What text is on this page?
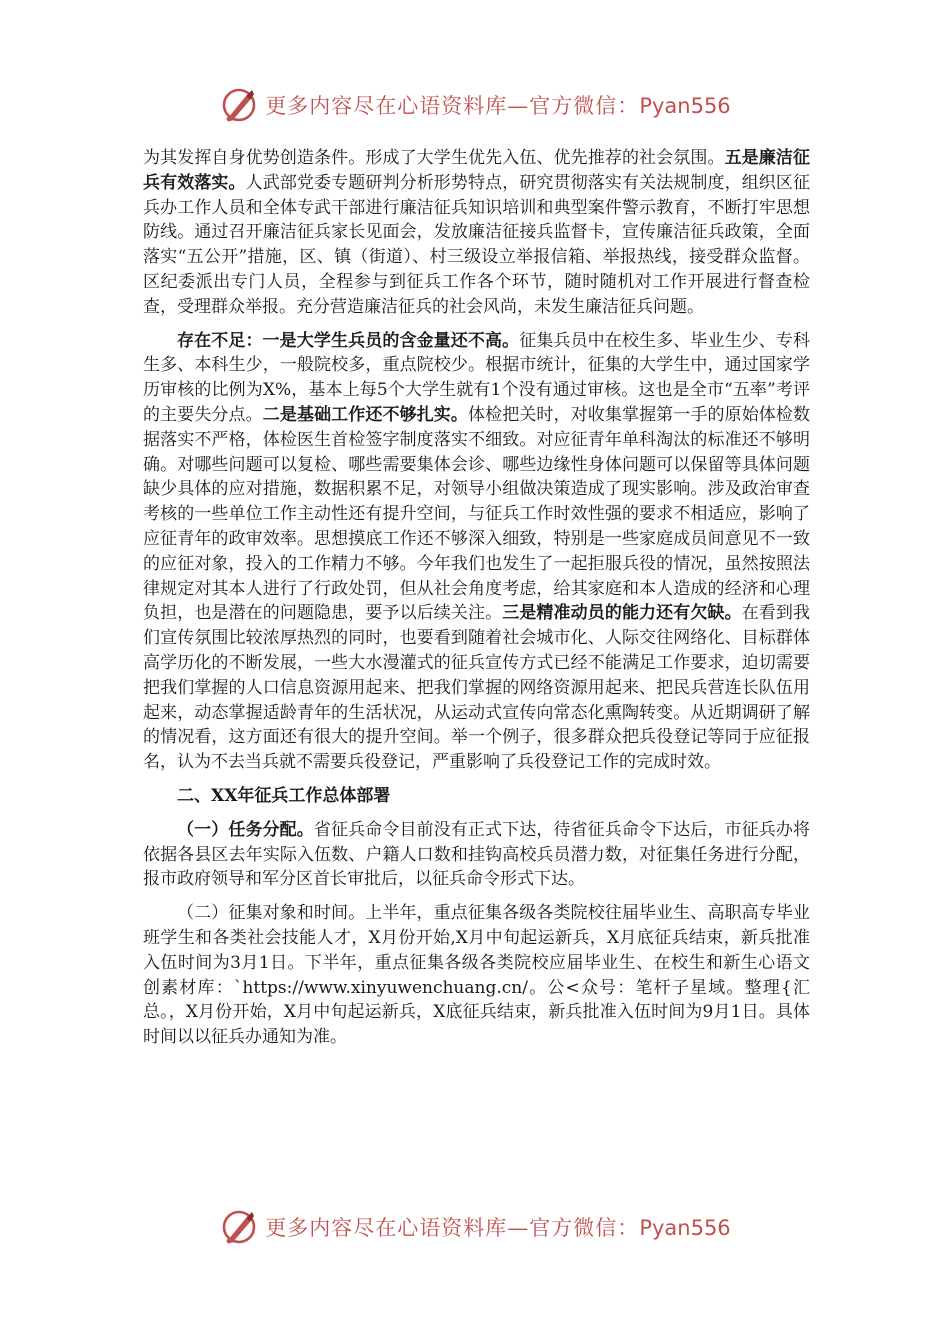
更多内容尽在心语资料库—官方微信：Pyan556

为其发挥自身优势创造条件。形成了大学生优先入伍、优先推荐的社会氛围。五是廉洁征兵有效落实。人武部党委专题研判分析形势特点，研究贯彻落实有关法规制度，组织区征兵办工作人员和全体专武干部进行廉洁征兵知识培训和典型案件警示教育，不断打牢思想防线。通过召开廉洁征兵家长见面会，发放廉洁征接兵监督卡，宣传廉洁征兵政策，全面落实“五公开”措施，区、镇（街道）、村三级设立举报信箱、举报热线，接受群众监督。区纪委派出专门人员，全程参与到征兵工作各个环节，随时随机对工作开展进行督查检查，受理群众举报。充分营造廉洁征兵的社会风尚，未发生廉洁征兵问题。

存在不足：一是大学生兵员的含金量还不高。征集兵员中在校生多、毕业生少、专科生多、本科生少，一般院校多，重点院校少。根据市统计，征集的大学生中，通过国家学历审核的比例为X%，基本上每5个大学生就有1个没有通过审核。这也是全市“五率”考评的主要失分点。二是基础工作还不够扎实。体检把关时，对收集掌握第一手的原始体检数据落实不严格，体检医生首检签字制度落实不细致。对应征青年单科淘汰的标准还不够明确。对哪些问题可以复检、哪些需要集体会诊、哪些边缘性身体问题可以保留等具体问题缺少具体的应对措施，数据积累不足，对领导小组做决策造成了现实影响。涉及政治审查考核的一些单位工作主动性还有提升空间，与征兵工作时效性强的要求不相适应，影响了应征青年的政审效率。思想摸底工作还不够深入细致，特别是一些家庭成员间意见不一致的应征对象，投入的工作精力不够。今年我们也发生了一起拒服兵役的情况，虽然按照法律规定对其本人进行了行政处罚，但从社会角度考虑，给其家庭和本人造成的经济和心理负担，也是潜在的问题隐患，要予以后续关注。三是精准动员的能力还有欠缺。在看到我们宣传氛围比较浓厚热烈的同时，也要看到随着社会城市化、人际交往网络化、目标群体高学历化的不断发展，一些大水漫灌式的征兵宣传方式已经不能满足工作要求，迫切需要把我们掌握的人口信息资源用起来、把我们掌握的网络资源用起来、把民兵营连长队伍用起来，动态掌握适龄青年的生活状况，从运动式宣传向常态化熏陶转变。从近期调研了解的情况看，这方面还有很大的提升空间。举一个例子，很多群众把兵役登记等同于应征报名，认为不去当兵就不需要兵役登记，严重影响了兵役登记工作的完成时效。

二、XX年征兵工作总体部署

（一）任务分配。省征兵命令目前没有正式下达，待省征兵命令下达后，市征兵办将依据各县区去年实际入伍数、户籍人口数和挂钩高校兵员潜力数，对征集任务进行分配，报市政府领导和军分区首长审批后，以征兵命令形式下达。

（二）征集对象和时间。上半年，重点征集各级各类院校往届毕业生、高职高专毕业班学生和各类社会技能人才，X月份开始,X月中旬起运新兵，X月底征兵结束，新兵批准入伍时间为3月1日。下半年，重点征集各级各类院校应届毕业生、在校生和新生心语文创素材库：`https://www.xinyuwenchuang.cn/。公<众号：笔杆子星域。整理{汇总。，X月份开始，X月中旬起运新兵，X底征兵结束，新兵批准入伍时间为9月1日。具体时间以以征兵办通知为准。

更多内容尽在心语资料库—官方微信：Pyan556
